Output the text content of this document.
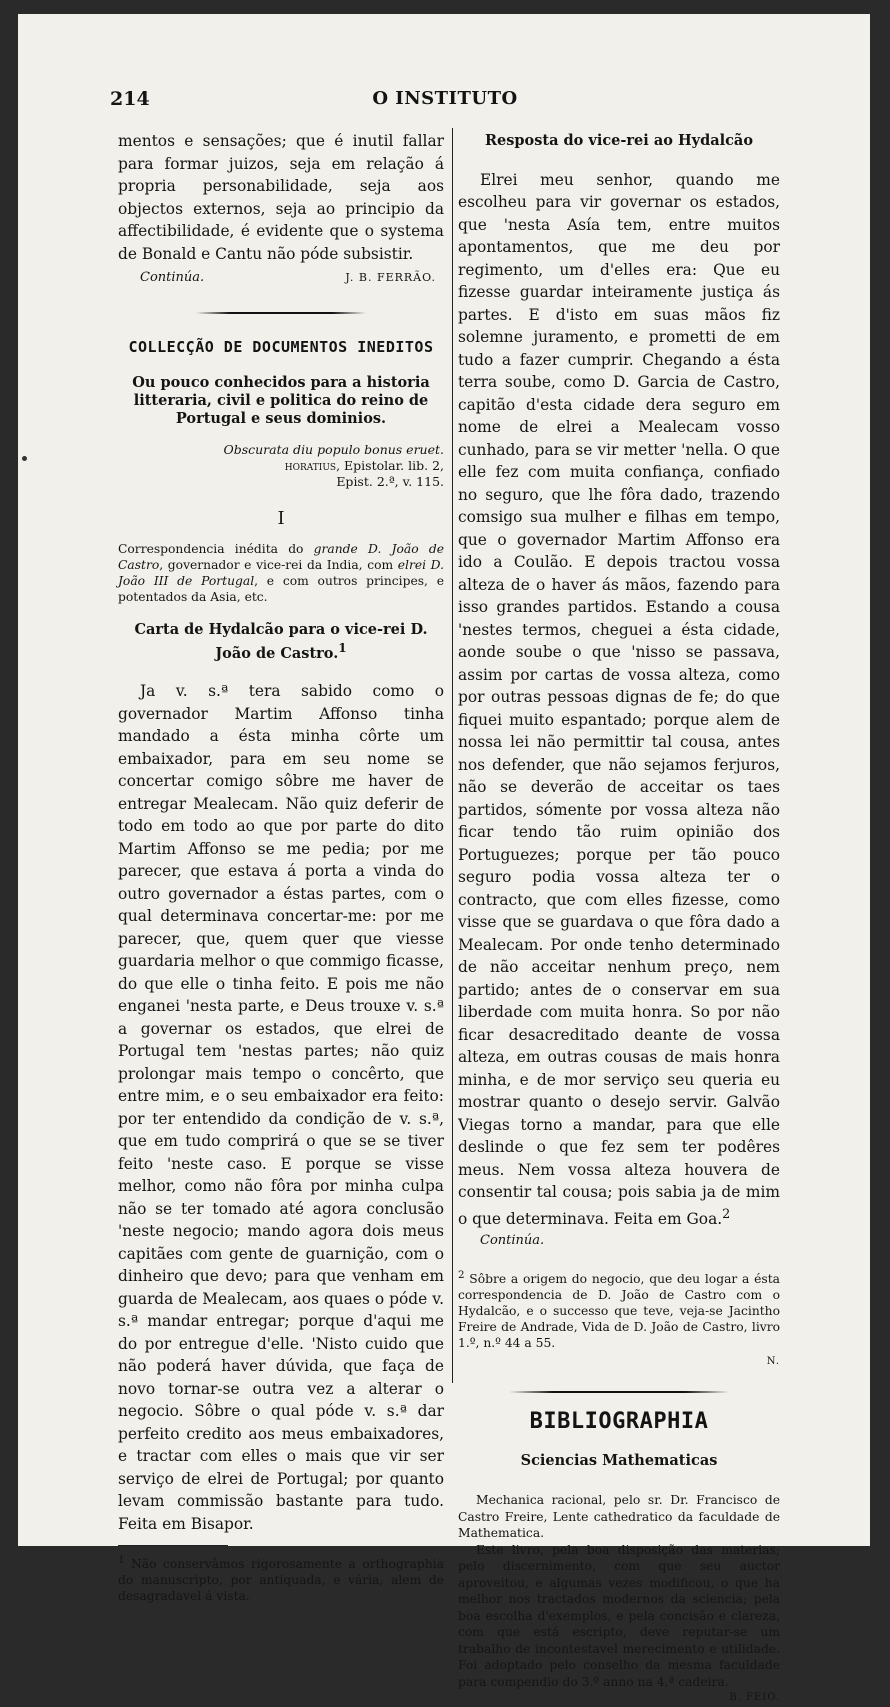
214	O INSTITUTO

mentos e sensações; que é inutil fallar para formar juizos, seja em relação á propria personabilidade, seja aos objectos externos, seja ao principio da affectibilidade, é evidente que o systema de Bonald e Cantu não póde subsistir.

Continúa.	J. B. FERRÃO.
COLLECÇÃO DE DOCUMENTOS INEDITOS
Ou pouco conhecidos para a historia litteraria, civil e politica do reino de Portugal e seus dominios.
Obscurata diu populo bonus eruet.
horatius, Epistolar. lib. 2,
Epist. 2.ª, v. 115.
I
Correspondencia inédita do grande D. João de Castro, governador e vice-rei da India, com elrei D. João III de Portugal, e com outros principes, e potentados da Asia, etc.
Carta de Hydalcão para o vice-rei D. João de Castro.$^1$

Ja v. s.ª tera sabido como o governador Martim Affonso tinha mandado a ésta minha côrte um embaixador, para em seu nome se concertar comigo sôbre me haver de entregar Mealecam. Não quiz deferir de todo em todo ao que por parte do dito Martim Affonso se me pedia; por me parecer, que estava á porta a vinda do outro governador a éstas partes, com o qual determinava concertar-me: por me parecer, que, quem quer que viesse guardaria melhor o que commigo ficasse, do que elle o tinha feito. E pois me não enganei 'nesta parte, e Deus trouxe v. s.ª a governar os estados, que elrei de Portugal tem 'nestas partes; não quiz prolongar mais tempo o concêrto, que entre mim, e o seu embaixador era feito: por ter entendido da condição de v. s.ª, que em tudo comprirá o que se se tiver feito 'neste caso. E porque se visse melhor, como não fôra por minha culpa não se ter tomado até agora conclusão 'neste negocio; mando agora dois meus capitães com gente de guarnição, com o dinheiro que devo; para que venham em guarda de Mealecam, aos quaes o póde v. s.ª mandar entregar; porque d'aqui me do por entregue d'elle. 'Nisto cuido que não poderá haver dúvida, que faça de novo tornar-se outra vez a alterar o negocio. Sôbre o qual póde v. s.ª dar perfeito credito aos meus embaixadores, e tractar com elles o mais que vir ser serviço de elrei de Portugal; por quanto levam commissão bastante para tudo. Feita em Bisapor.

$^1$ Não conservâmos rigorosamente a orthographia do manuscripto, por antiquada, e vária, alem de desagradavel á vista.
Resposta do vice-rei ao Hydalcão

Elrei meu senhor, quando me escolheu para vir governar os estados, que 'nesta Asía tem, entre muitos apontamentos, que me deu por regimento, um d'elles era: Que eu fizesse guardar inteiramente justiça ás partes. E d'isto em suas mãos fiz solemne juramento, e prometti de em tudo a fazer cumprir. Chegando a ésta terra soube, como D. Garcia de Castro, capitão d'esta cidade dera seguro em nome de elrei a Mealecam vosso cunhado, para se vir metter 'nella. O que elle fez com muita confiança, confiado no seguro, que lhe fôra dado, trazendo comsigo sua mulher e filhas em tempo, que o governador Martim Affonso era ido a Coulão. E depois tractou vossa alteza de o haver ás mãos, fazendo para isso grandes partidos. Estando a cousa 'nestes termos, cheguei a ésta cidade, aonde soube o que 'nisso se passava, assim por cartas de vossa alteza, como por outras pessoas dignas de fe; do que fiquei muito espantado; porque alem de nossa lei não permittir tal cousa, antes nos defender, que não sejamos ferjuros, não se deverão de acceitar os taes partidos, sómente por vossa alteza não ficar tendo tão ruim opinião dos Portuguezes; porque per tão pouco seguro podia vossa alteza ter o contracto, que com elles fizesse, como visse que se guardava o que fôra dado a Mealecam. Por onde tenho determinado de não acceitar nenhum preço, nem partido; antes de o conservar em sua liberdade com muita honra. So por não ficar desacreditado deante de vossa alteza, em outras cousas de mais honra minha, e de mor serviço seu queria eu mostrar quanto o desejo servir. Galvão Viegas torno a mandar, para que elle deslinde o que fez sem ter podêres meus. Nem vossa alteza houvera de consentir tal cousa; pois sabia ja de mim o que determinava. Feita em Goa.$^2$

Continúa.
$^2$ Sôbre a origem do negocio, que deu logar a ésta correspondencia de D. João de Castro com o Hydalcão, e o successo que teve, veja-se Jacintho Freire de Andrade, Vida de D. João de Castro, livro 1.º, n.º 44 a 55.
N.
BIBLIOGRAPHIA
Sciencias Mathematicas

Mechanica racional, pelo sr. Dr. Francisco de Castro Freire, Lente cathedratico da faculdade de Mathematica.

Este livro, pela boa disposição das materias; pelo discernimento, com que seu auctor aproveitou, e algumas vezes modificou, o que ha melhor nos tractados modernos da sciencia; pela boa escolha d'exemplos, e pela concisão e clareza, com que está escripto, deve reputar-se um trabalho de incontestavel merecimento e utilidade. Foi adoptado pelo conselho da mesma faculdade para compendio do 3.º anno na 4.ª cadeira.
B. FEIO.
